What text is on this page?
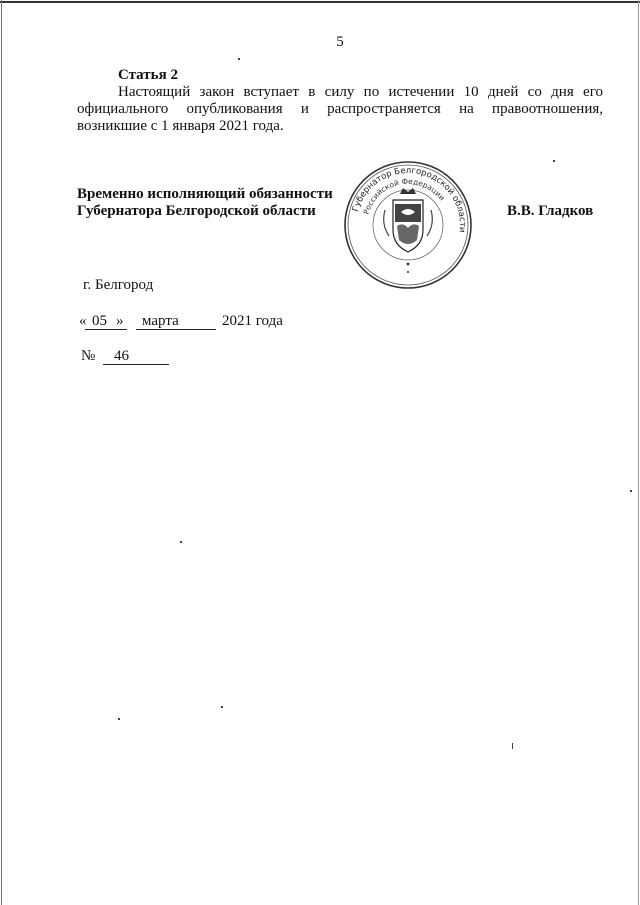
5
Статья 2
Настоящий закон вступает в силу по истечении 10 дней со дня его
официального опубликования и распространяется на правоотношения,
возникшие с 1 января 2021 года.
Временно исполняющий обязанности
Губернатора Белгородской области	Губернатор Белгородской области
Российской Федерации
В.В. Гладков
г. Белгород
« 05 » марта	2021 года
№ 46
